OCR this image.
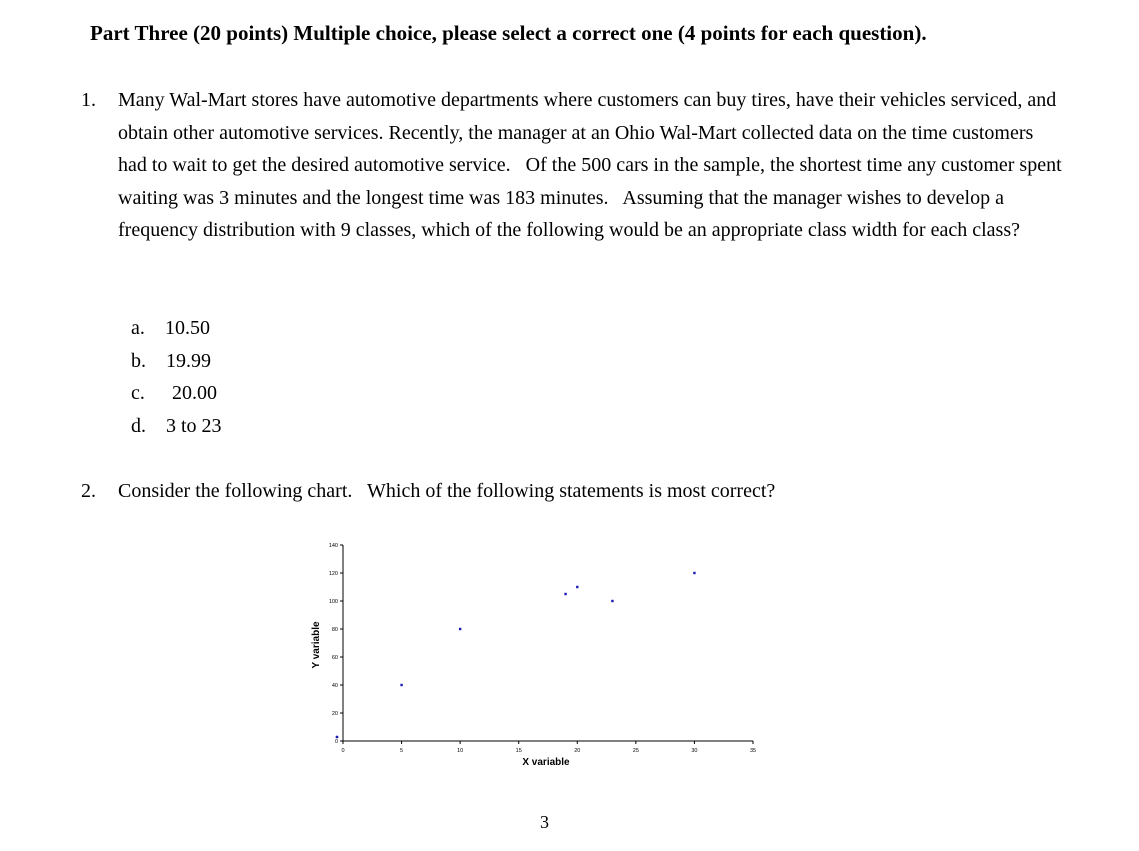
Part Three (20 points) Multiple choice, please select a correct one (4 points for each question).
1. Many Wal-Mart stores have automotive departments where customers can buy tires, have their vehicles serviced, and obtain other automotive services. Recently, the manager at an Ohio Wal-Mart collected data on the time customers had to wait to get the desired automotive service.   Of the 500 cars in the sample, the shortest time any customer spent waiting was 3 minutes and the longest time was 183 minutes.   Assuming that the manager wishes to develop a frequency distribution with 9 classes, which of the following would be an appropriate class width for each class?
a. 10.50
b. 19.99
c. 20.00
d. 3 to 23
2. Consider the following chart.   Which of the following statements is most correct?
0
20
40
60
80
100
120
140
0	5	10	15	20	25	30	35
X variable
Y variable
3
